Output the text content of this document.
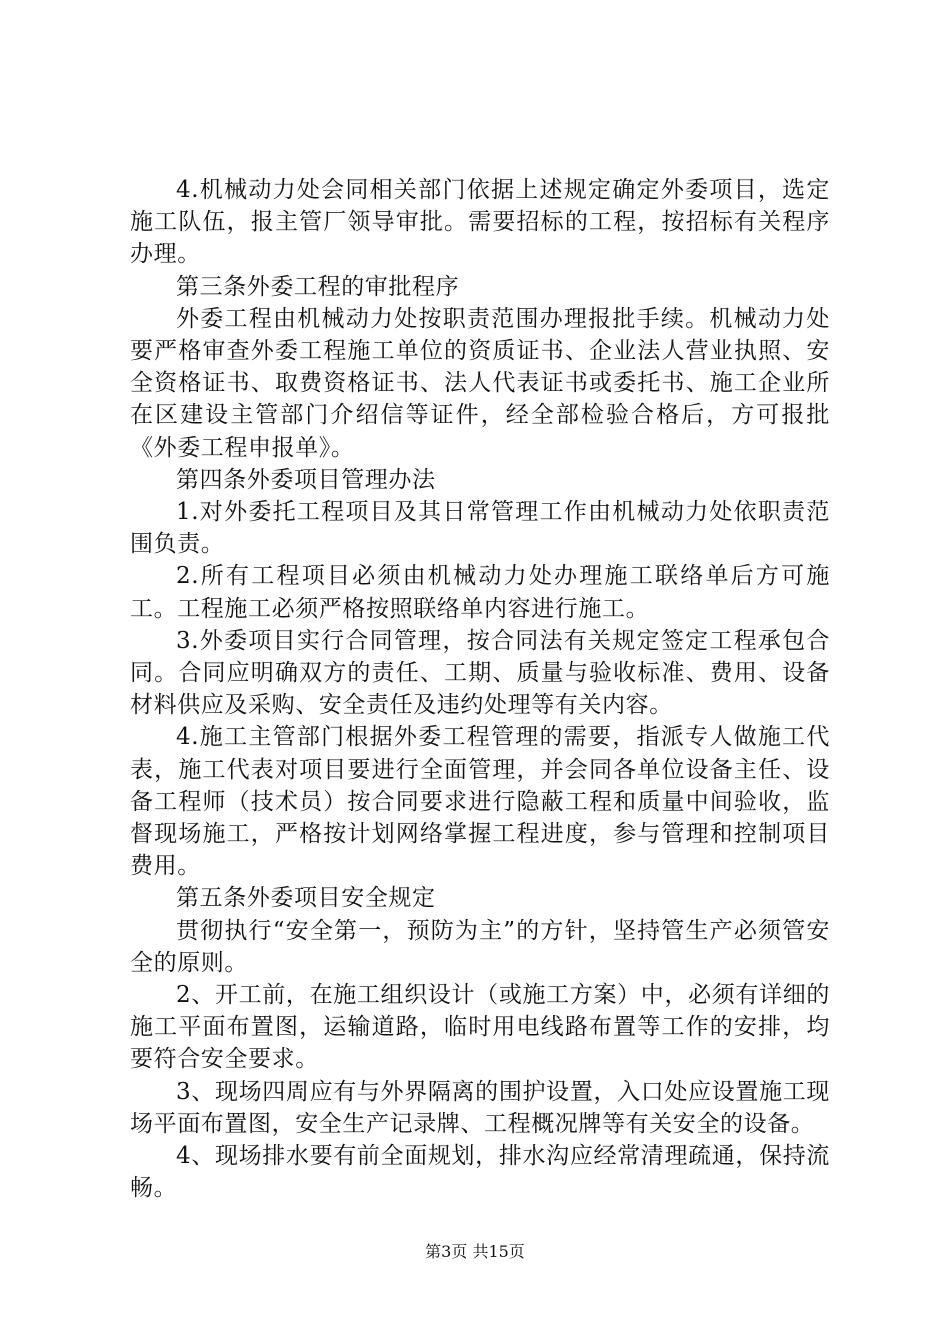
4.机械动力处会同相关部门依据上述规定确定外委项目，选定施工队伍，报主管厂领导审批。需要招标的工程，按招标有关程序办理。

第三条外委工程的审批程序

外委工程由机械动力处按职责范围办理报批手续。机械动力处要严格审查外委工程施工单位的资质证书、企业法人营业执照、安全资格证书、取费资格证书、法人代表证书或委托书、施工企业所在区建设主管部门介绍信等证件，经全部检验合格后，方可报批《外委工程申报单》。

第四条外委项目管理办法

1.对外委托工程项目及其日常管理工作由机械动力处依职责范围负责。

2.所有工程项目必须由机械动力处办理施工联络单后方可施工。工程施工必须严格按照联络单内容进行施工。

3.外委项目实行合同管理，按合同法有关规定签定工程承包合同。合同应明确双方的责任、工期、质量与验收标准、费用、设备材料供应及采购、安全责任及违约处理等有关内容。

4.施工主管部门根据外委工程管理的需要，指派专人做施工代表，施工代表对项目要进行全面管理，并会同各单位设备主任、设备工程师（技术员）按合同要求进行隐蔽工程和质量中间验收，监督现场施工，严格按计划网络掌握工程进度，参与管理和控制项目费用。

第五条外委项目安全规定

贯彻执行“安全第一，预防为主”的方针，坚持管生产必须管安全的原则。

2、开工前，在施工组织设计（或施工方案）中，必须有详细的施工平面布置图，运输道路，临时用电线路布置等工作的安排，均要符合安全要求。

3、现场四周应有与外界隔离的围护设置，入口处应设置施工现场平面布置图，安全生产记录牌、工程概况牌等有关安全的设备。

4、现场排水要有前全面规划，排水沟应经常清理疏通，保持流畅。

第3页 共15页
